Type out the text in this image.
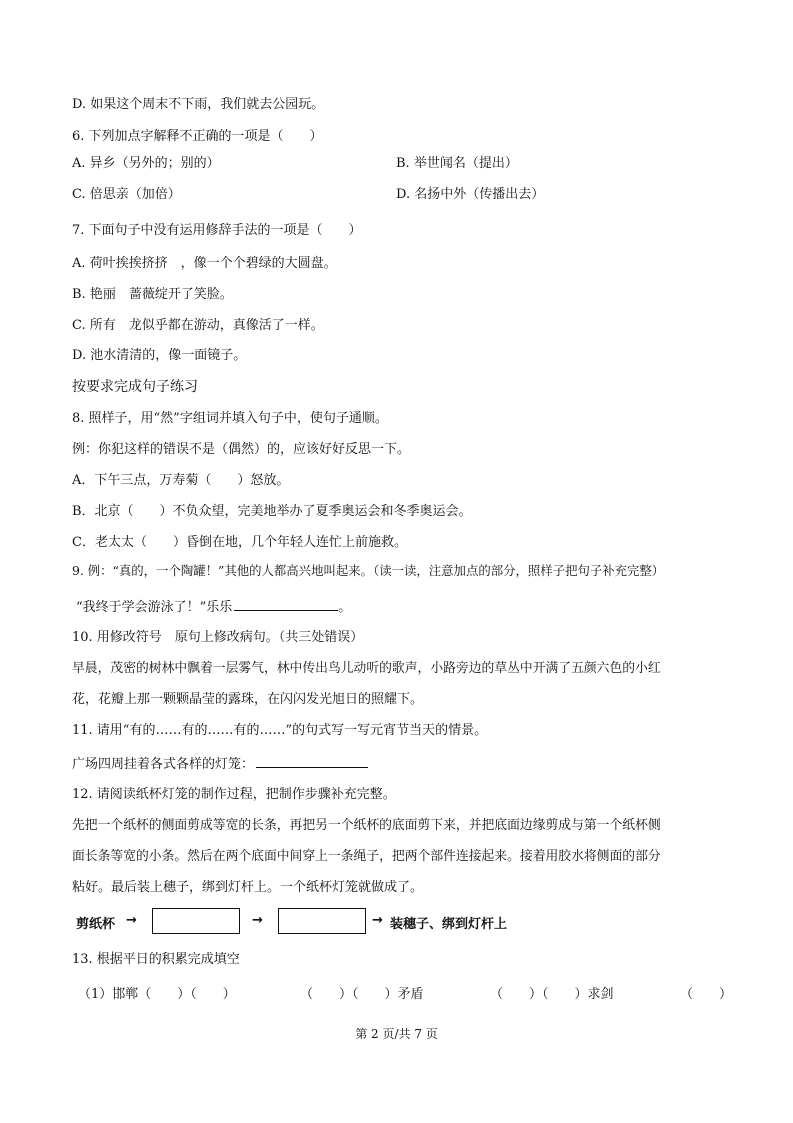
D. 如果这个周末不下雨，我们就去公园玩。
6. 下列加点字解释不正确的一项是（　　）
A. 异乡（另外的；别的）	B. 举世闻名（提出）
C. 倍思亲（加倍）	D. 名扬中外（传播出去）
7. 下面句子中没有运用修辞手法的一项是（　　）
A. 荷叶挨挨挤挤　，像一个个碧绿的大圆盘。
B. 艳丽　蔷薇绽开了笑脸。
C. 所有　龙似乎都在游动，真像活了一样。
D. 池水清清的，像一面镜子。
按要求完成句子练习
8. 照样子，用“然”字组词并填入句子中，使句子通顺。
例：你犯这样的错误不是（偶然）的，应该好好反思一下。
A．下午三点，万寿菊（　　）怒放。
B．北京（　　）不负众望，完美地举办了夏季奥运会和冬季奥运会。
C．老太太（　　）昏倒在地，几个年轻人连忙上前施救。
9. 例：“真的，一个陶罐！”其他的人都高兴地叫起来。（读一读，注意加点的部分，照样子把句子补充完整）
“我终于学会游泳了！”乐乐	。
10. 用修改符号　原句上修改病句。（共三处错误）
早晨，茂密的树林中飘着一层雾气，林中传出鸟儿动听的歌声，小路旁边的草丛中开满了五颜六色的小红
花，花瓣上那一颗颗晶莹的露珠，在闪闪发光旭日的照耀下。
11. 请用“有的……有的……有的……”的句式写一写元宵节当天的情景。
广场四周挂着各式各样的灯笼：
12. 请阅读纸杯灯笼的制作过程，把制作步骤补充完整。
先把一个纸杯的侧面剪成等宽的长条，再把另一个纸杯的底面剪下来，并把底面边缘剪成与第一个纸杯侧
面长条等宽的小条。然后在两个底面中间穿上一条绳子，把两个部件连接起来。接着用胶水将侧面的部分
粘好。最后装上穗子，绑到灯杆上。一个纸杯灯笼就做成了。
剪纸杯 →	→	→ 装穗子、绑到灯杆上
13. 根据平日的积累完成填空
（1）邯郸（　　）（　　）	（　　）（　　）矛盾	（　　）（　　）求剑	（　　）
第 2 页/共 7 页
